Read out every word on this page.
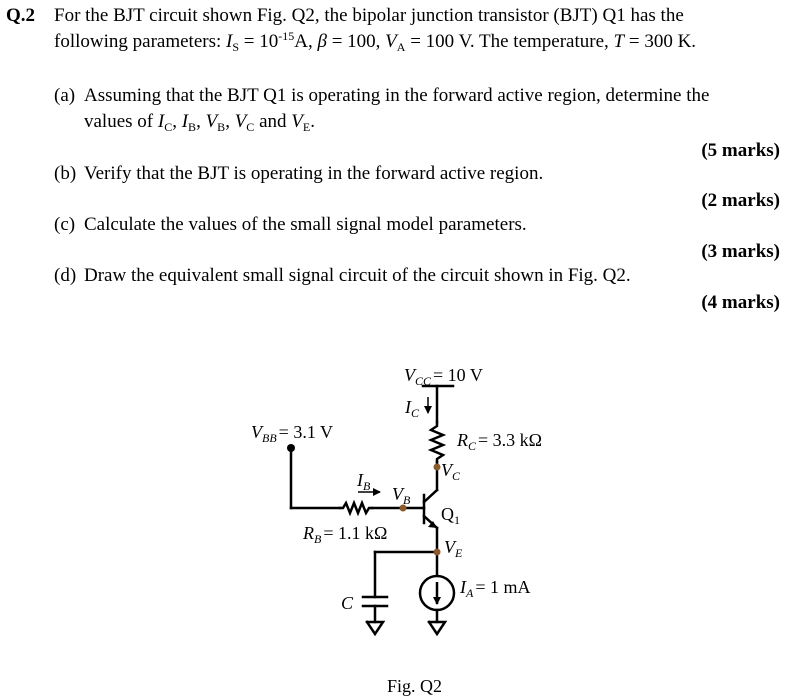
Q.2 For the BJT circuit shown Fig. Q2, the bipolar junction transistor (BJT) Q1 has the
following parameters: $I_S = 10^{-15}A$, β = 100, $V_A = 100$ V. The temperature, T = 300 K.
(a) Assuming that the BJT Q1 is operating in the forward active region, determine the
values of $I_C$, $I_B$, $V_B$, $V_C$ and $V_E$.
(5 marks)
(b) Verify that the BJT is operating in the forward active region.
(2 marks)
(c) Calculate the values of the small signal model parameters.
(3 marks)
(d) Draw the equivalent small signal circuit of the circuit shown in Fig. Q2.
(4 marks)
$V_{CC} = 10$ V
$I_C$
$V_{BB} = 3.1$ V	$R_C = 3.3$ kΩ
$V_C$
$I_B$ $V_B$
$Q_1$
$R_B = 1.1$ kΩ
$V_E$
C
$I_A = 1$ mA
Fig. Q2
